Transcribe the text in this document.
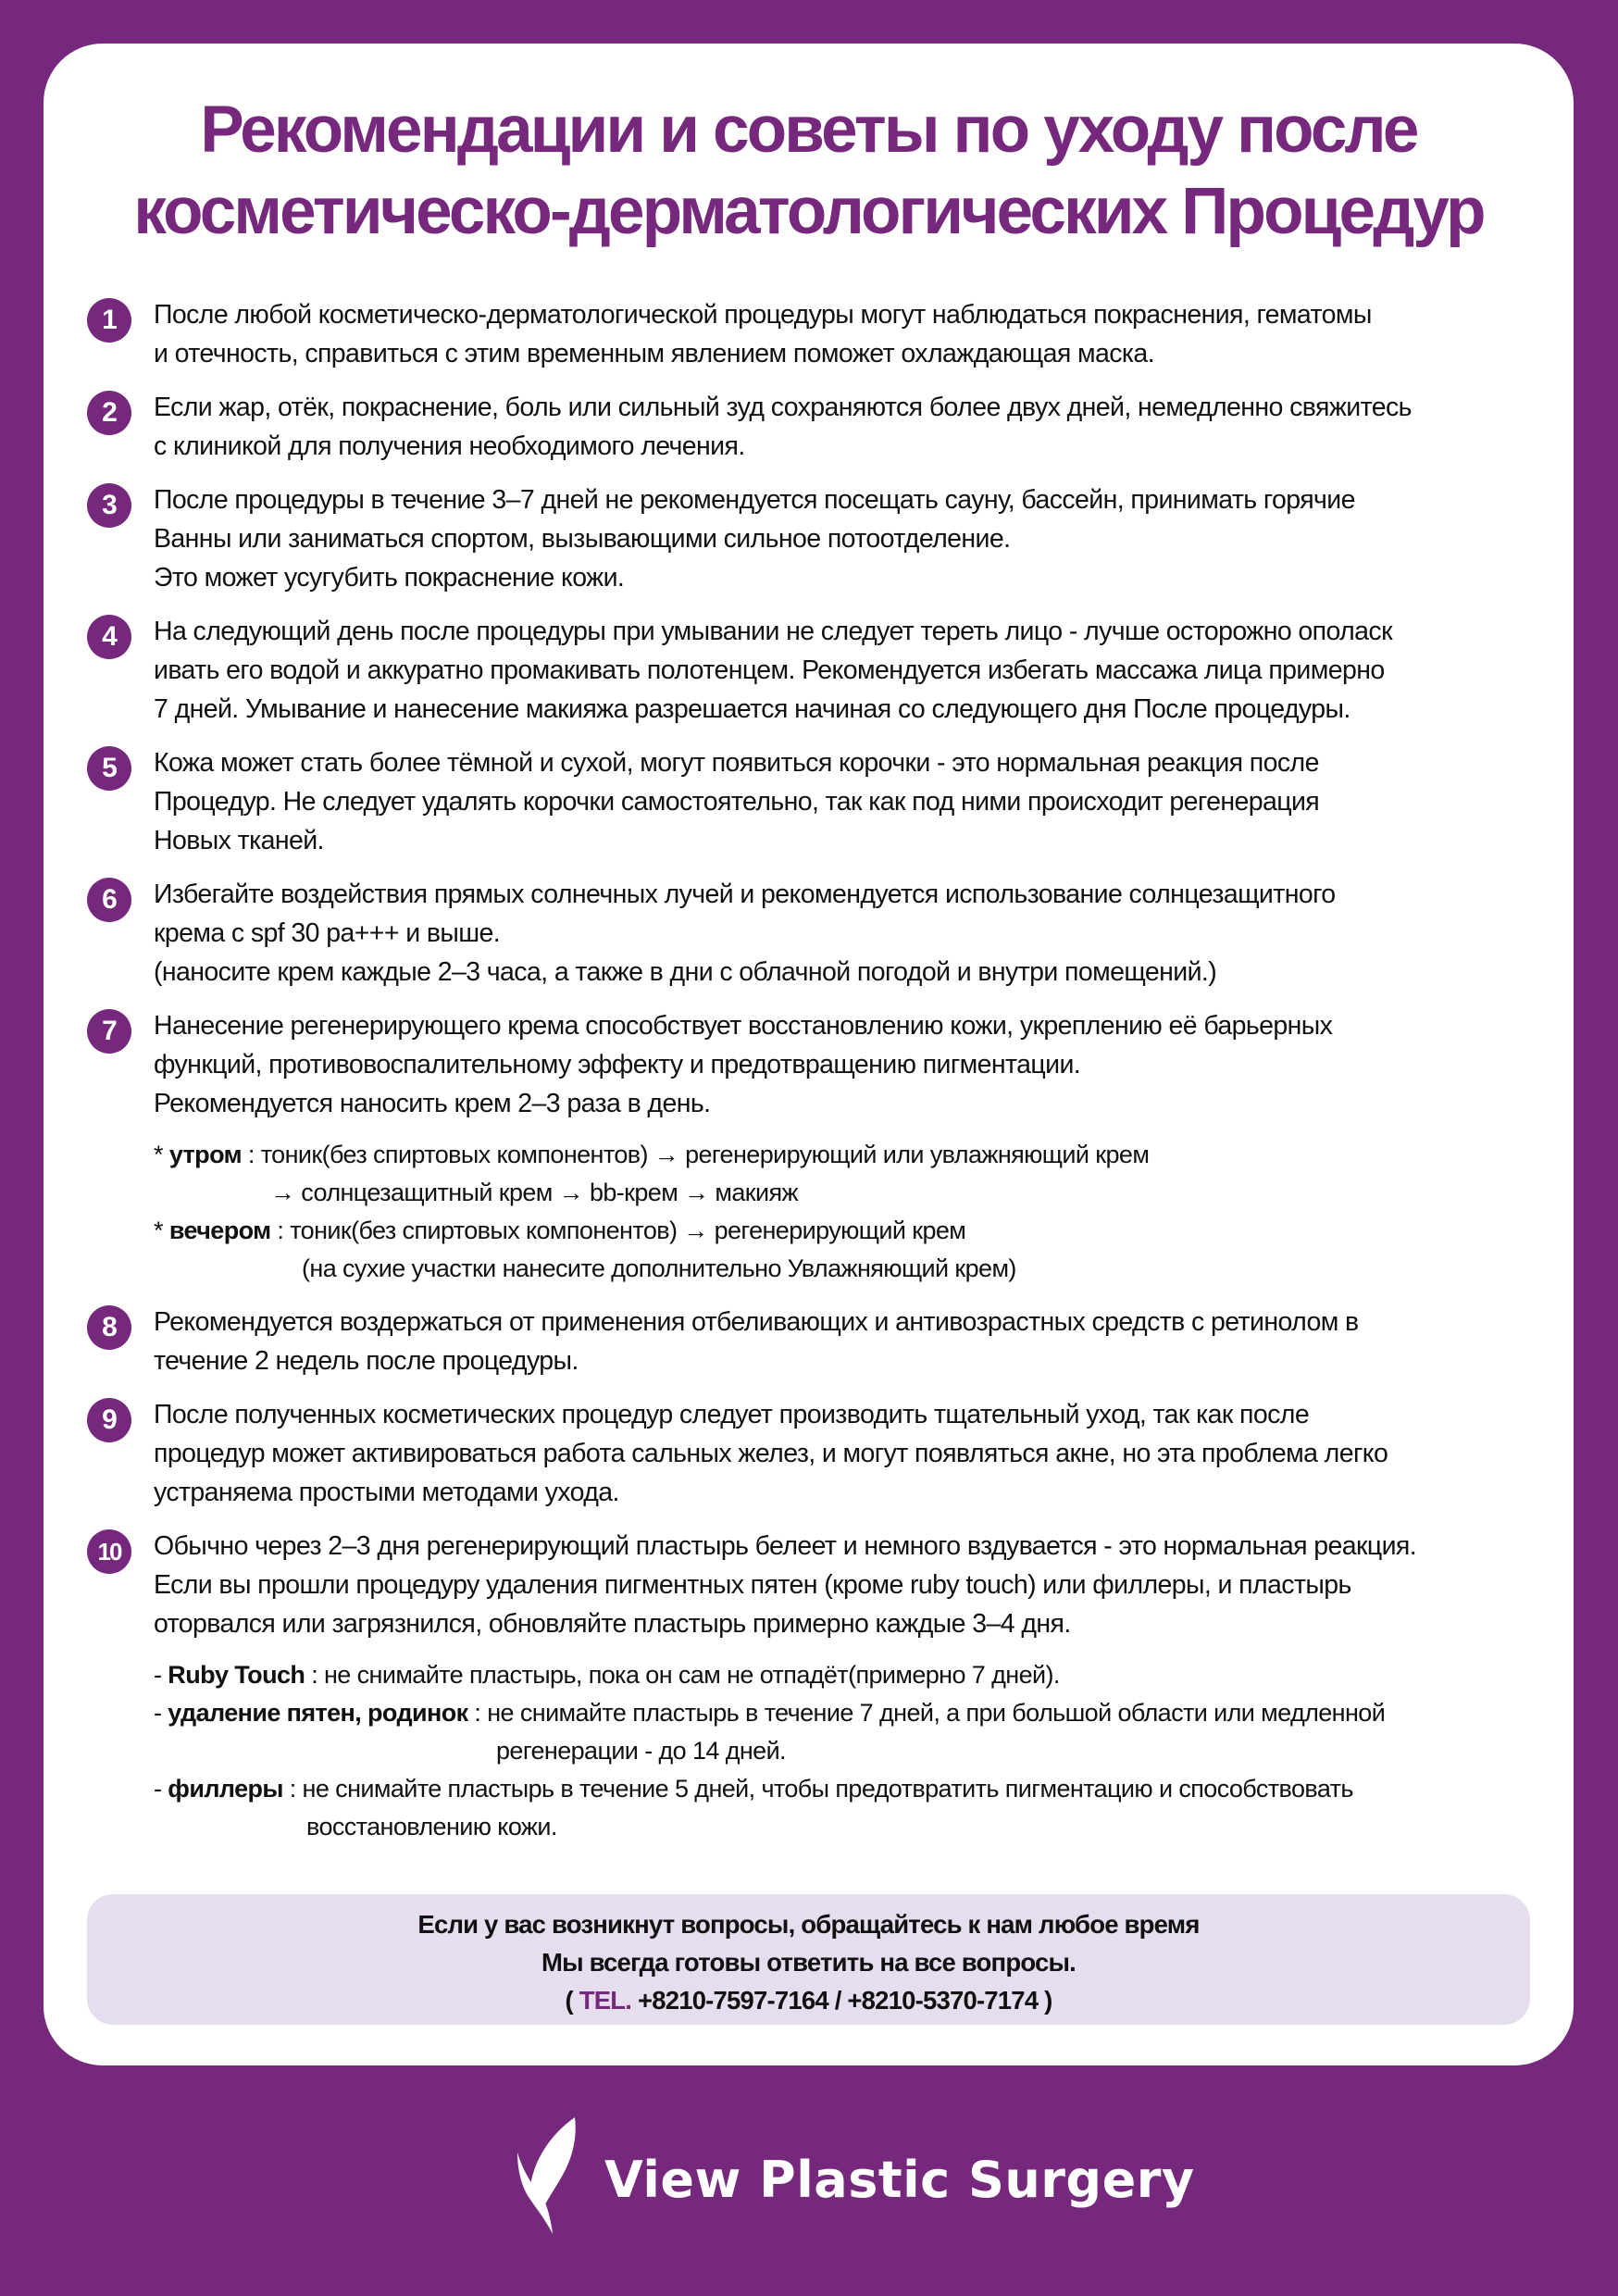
Рекомендации и советы по уходу после
косметическо-дерматологических Процедур
1	После любой косметическо-дерматологической процедуры могут наблюдаться покраснения, гематомы
и отечность, справиться с этим временным явлением поможет охлаждающая маска.
2	Если жар, отёк, покраснение, боль или сильный зуд сохраняются более двух дней, немедленно свяжитесь
с клиникой для получения необходимого лечения.
3	После процедуры в течение 3–7 дней не рекомендуется посещать сауну, бассейн, принимать горячие
Ванны или заниматься спортом, вызывающими сильное потоотделение.
Это может усугубить покраснение кожи.
4	На следующий день после процедуры при умывании не следует тереть лицо - лучше осторожно ополаск
ивать его водой и аккуратно промакивать полотенцем. Рекомендуется избегать массажа лица примерно
7 дней. Умывание и нанесение макияжа разрешается начиная со следующего дня После процедуры.
5	Кожа может стать более тёмной и сухой, могут появиться корочки - это нормальная реакция после
Процедур. Не следует удалять корочки самостоятельно, так как под ними происходит регенерация
Новых тканей.
6	Избегайте воздействия прямых солнечных лучей и рекомендуется использование солнцезащитного
крема с spf 30 pa+++ и выше.
(наносите крем каждые 2–3 часа, а также в дни с облачной погодой и внутри помещений.)
7	Нанесение регенерирующего крема способствует восстановлению кожи, укреплению её барьерных
функций, противовоспалительному эффекту и предотвращению пигментации.
Рекомендуется наносить крем 2–3 раза в день.
* утром : тоник(без спиртовых компонентов) → регенерирующий или увлажняющий крем
→ солнцезащитный крем → bb-крем → макияж
* вечером : тоник(без спиртовых компонентов) → регенерирующий крем
(на сухие участки нанесите дополнительно Увлажняющий крем)
8	Рекомендуется воздержаться от применения отбеливающих и антивозрастных средств с ретинолом в
течение 2 недель после процедуры.
9	После полученных косметических процедур следует производить тщательный уход, так как после
процедур может активироваться работа сальных желез, и могут появляться акне, но эта проблема легко
устраняема простыми методами ухода.
10	Обычно через 2–3 дня регенерирующий пластырь белеет и немного вздувается - это нормальная реакция.
Если вы прошли процедуру удаления пигментных пятен (кроме ruby touch) или филлеры, и пластырь
оторвался или загрязнился, обновляйте пластырь примерно каждые 3–4 дня.
- Ruby Touch : не снимайте пластырь, пока он сам не отпадёт(примерно 7 дней).
- удаление пятен, родинок : не снимайте пластырь в течение 7 дней, а при большой области или медленной
регенерации - до 14 дней.
- филлеры : не снимайте пластырь в течение 5 дней, чтобы предотвратить пигментацию и способствовать
восстановлению кожи.
Если у вас возникнут вопросы, обращайтесь к нам любое время
Мы всегда готовы ответить на все вопросы.
( TEL. +8210-7597-7164 / +8210-5370-7174 )
View Plastic Surgery
